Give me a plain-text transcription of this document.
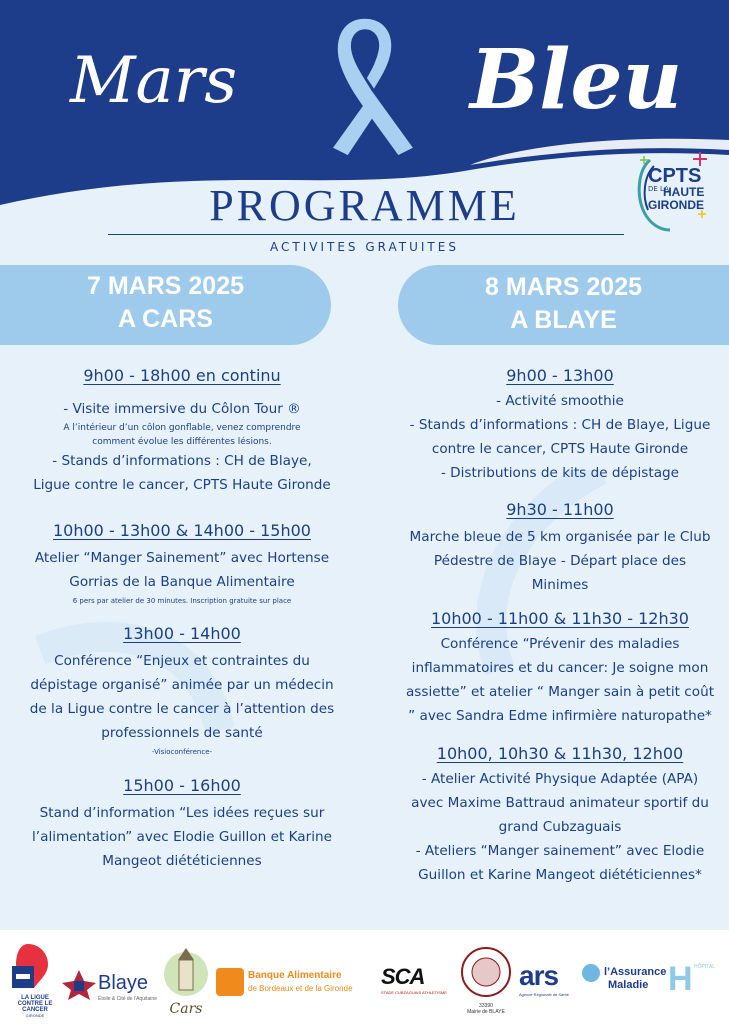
Mars	Bleu
CPTS
DE LA
HAUTE
GIRONDE
PROGRAMME
ACTIVITES GRATUITES
7 MARS 2025
A CARS
8 MARS 2025
A BLAYE

9h00 - 18h00 en continu

- Visite immersive du Côlon Tour ®

A l’intérieur d’un côlon gonflable, venez comprendre

comment évolue les différentes lésions.

- Stands d’informations : CH de Blaye,

Ligue contre le cancer, CPTS Haute Gironde

10h00 - 13h00 & 14h00 - 15h00

Atelier “Manger Sainement” avec Hortense

Gorrias de la Banque Alimentaire

6 pers par atelier de 30 minutes. Inscription gratuite sur place

13h00 - 14h00

Conférence “Enjeux et contraintes du

dépistage organisé” animée par un médecin

de la Ligue contre le cancer à l’attention des

professionnels de santé

-Visioconférence-

15h00 - 16h00

Stand d’information “Les idées reçues sur

l’alimentation” avec Elodie Guillon et Karine

Mangeot diététiciennes

9h00 - 13h00

- Activité smoothie

- Stands d’informations : CH de Blaye, Ligue

contre le cancer, CPTS Haute Gironde

- Distributions de kits de dépistage

9h30 - 11h00

Marche bleue de 5 km organisée par le Club

Pédestre de Blaye - Départ place des

Minimes

10h00 - 11h00 & 11h30 - 12h30

Conférence “Prévenir des maladies

inflammatoires et du cancer: Je soigne mon

assiette” et atelier “ Manger sain à petit coût

” avec Sandra Edme infirmière naturopathe*

10h00, 10h30 & 11h30, 12h00

- Atelier Activité Physique Adaptée (APA)

avec Maxime Battraud animateur sportif du

grand Cubzaguais

- Ateliers “Manger sainement” avec Elodie

Guillon et Karine Mangeot diététiciennes*

LA LIGUE CONTRE LE CANCER
GIRONDE
Blaye
Étoile & Cité de l’Aquitaine
Cars
Banque Alimentaire
de Bordeaux et de la Gironde SCA
STADE CUBZAGUAIS ATHLETISME
33390
Mairie de BLAYE
ars
Agence Régionale de Santé
l’Assurance
Maladie H HÔPITAL
